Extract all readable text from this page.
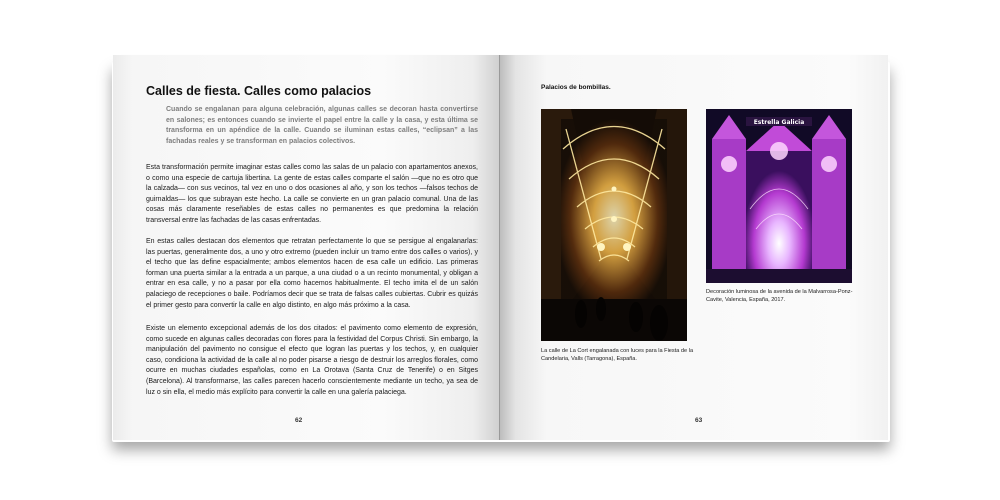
Calles de fiesta. Calles como palacios

Cuando se engalanan para alguna celebración, algunas calles se decoran hasta convertirse en salones; es entonces cuando se invierte el papel entre la calle y la casa, y esta última se transforma en un apéndice de la calle. Cuando se iluminan estas calles, “eclipsan” a las fachadas reales y se transforman en palacios colectivos.

Esta transformación permite imaginar estas calles como las salas de un palacio con apartamentos anexos, o como una especie de cartuja libertina. La gente de estas calles comparte el salón —que no es otro que la calzada— con sus vecinos, tal vez en uno o dos ocasiones al año, y son los techos —falsos techos de guirnaldas— los que subrayan este hecho. La calle se convierte en un gran palacio comunal. Una de las cosas más claramente reseñables de estas calles no permanentes es que predomina la relación transversal entre las fachadas de las casas enfrentadas.

En estas calles destacan dos elementos que retratan perfectamente lo que se persigue al engalanarlas: las puertas, generalmente dos, a uno y otro extremo (pueden incluir un tramo entre dos calles o varios), y el techo que las define espacialmente; ambos elementos hacen de esa calle un edificio. Las primeras forman una puerta similar a la entrada a un parque, a una ciudad o a un recinto monumental, y obligan a entrar en esa calle, y no a pasar por ella como hacemos habitualmente. El techo imita el de un salón palaciego de recepciones o baile. Podríamos decir que se trata de falsas calles cubiertas. Cubrir es quizás el primer gesto para convertir la calle en algo distinto, en algo más próximo a la casa.

Existe un elemento excepcional además de los dos citados: el pavimento como elemento de expresión, como sucede en algunas calles decoradas con flores para la festividad del Corpus Christi. Sin embargo, la manipulación del pavimento no consigue el efecto que logran las puertas y los techos, y, en cualquier caso, condiciona la actividad de la calle al no poder pisarse a riesgo de destruir los arreglos florales, como ocurre en muchas ciudades españolas, como en La Orotava (Santa Cruz de Tenerife) o en Sitges (Barcelona). Al transformarse, las calles parecen hacerlo conscientemente mediante un techo, ya sea de luz o sin ella, el medio más explícito para convertir la calle en una galería palaciega.

62
Palacios de bombillas.

La calle de La Cort engalanada con luces para la Fiesta de la Candelaria, Valls (Tarragona), España.

Estrella Galicia

Decoración luminosa de la avenida de la Malvarrosa-Ponz-Cavite, Valencia, España, 2017.

63
